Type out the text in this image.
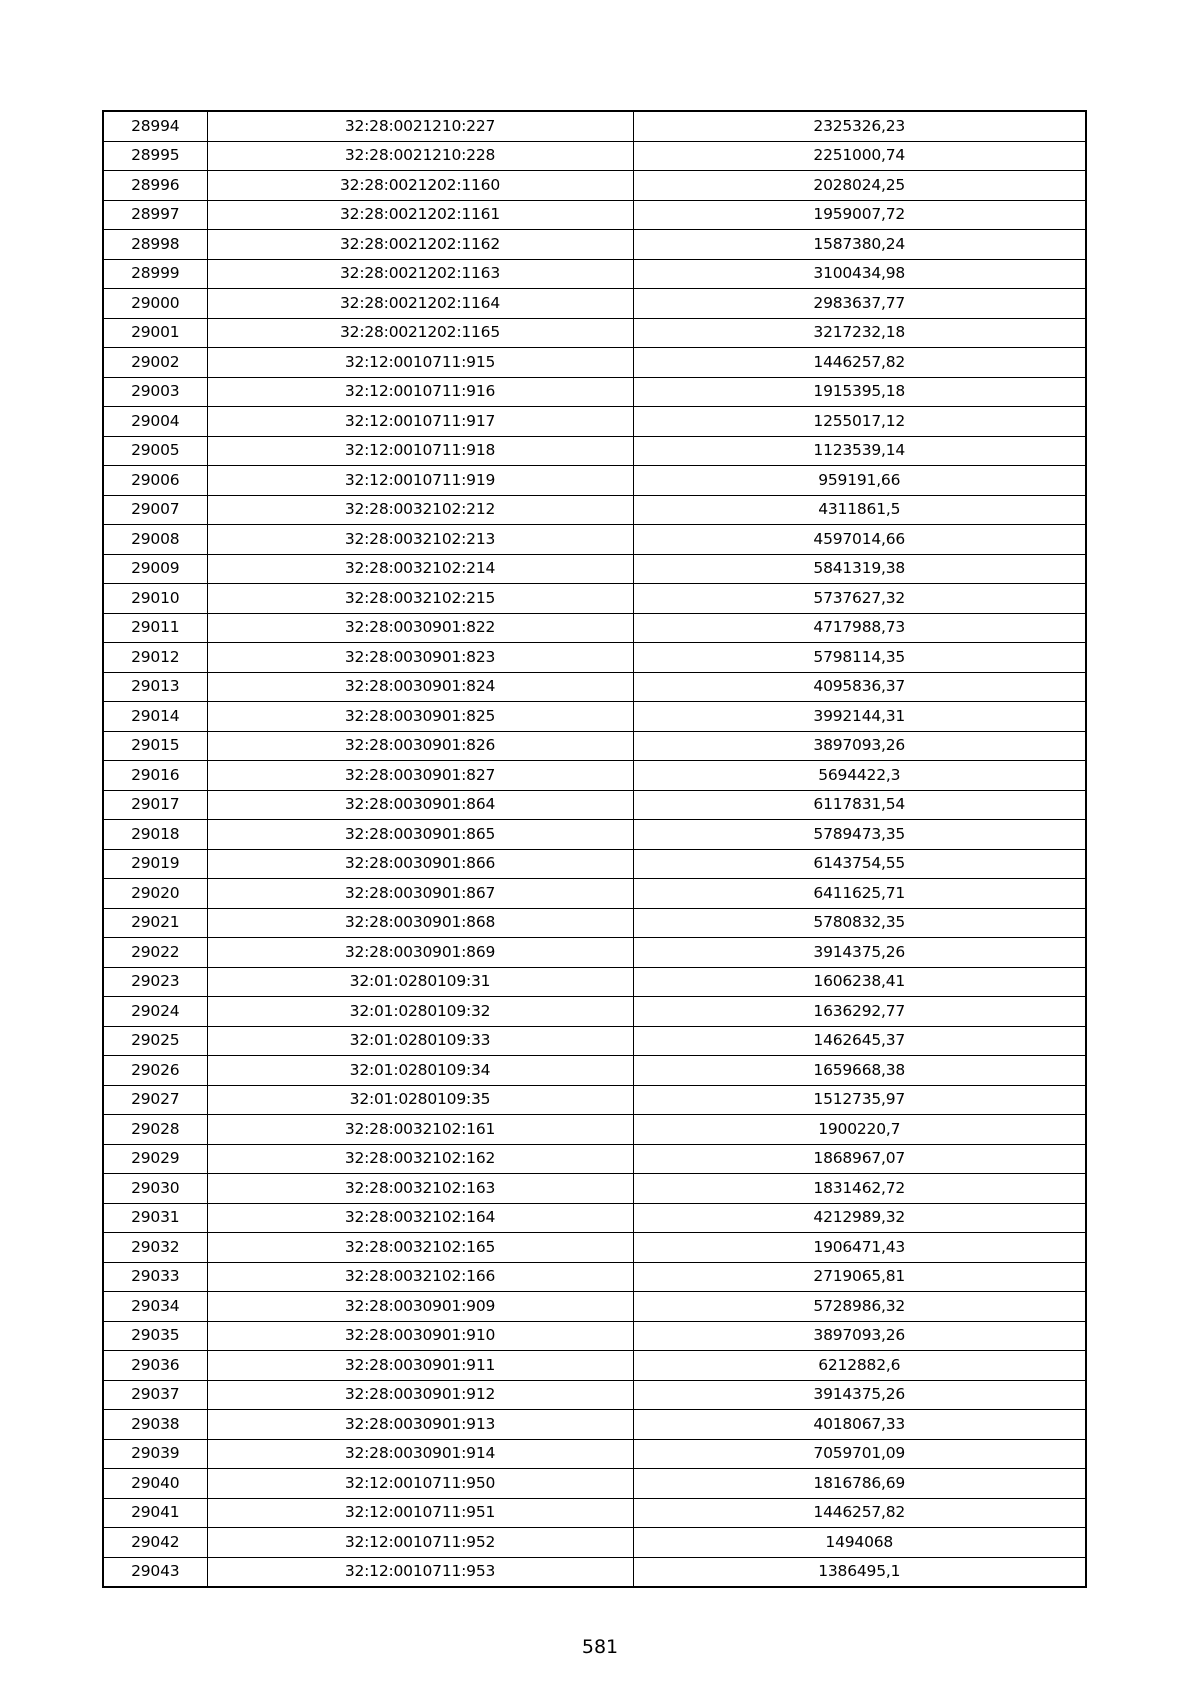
28994	32:28:0021210:227	2325326,23
28995	32:28:0021210:228	2251000,74
28996	32:28:0021202:1160	2028024,25
28997	32:28:0021202:1161	1959007,72
28998	32:28:0021202:1162	1587380,24
28999	32:28:0021202:1163	3100434,98
29000	32:28:0021202:1164	2983637,77
29001	32:28:0021202:1165	3217232,18
29002	32:12:0010711:915	1446257,82
29003	32:12:0010711:916	1915395,18
29004	32:12:0010711:917	1255017,12
29005	32:12:0010711:918	1123539,14
29006	32:12:0010711:919	959191,66
29007	32:28:0032102:212	4311861,5
29008	32:28:0032102:213	4597014,66
29009	32:28:0032102:214	5841319,38
29010	32:28:0032102:215	5737627,32
29011	32:28:0030901:822	4717988,73
29012	32:28:0030901:823	5798114,35
29013	32:28:0030901:824	4095836,37
29014	32:28:0030901:825	3992144,31
29015	32:28:0030901:826	3897093,26
29016	32:28:0030901:827	5694422,3
29017	32:28:0030901:864	6117831,54
29018	32:28:0030901:865	5789473,35
29019	32:28:0030901:866	6143754,55
29020	32:28:0030901:867	6411625,71
29021	32:28:0030901:868	5780832,35
29022	32:28:0030901:869	3914375,26
29023	32:01:0280109:31	1606238,41
29024	32:01:0280109:32	1636292,77
29025	32:01:0280109:33	1462645,37
29026	32:01:0280109:34	1659668,38
29027	32:01:0280109:35	1512735,97
29028	32:28:0032102:161	1900220,7
29029	32:28:0032102:162	1868967,07
29030	32:28:0032102:163	1831462,72
29031	32:28:0032102:164	4212989,32
29032	32:28:0032102:165	1906471,43
29033	32:28:0032102:166	2719065,81
29034	32:28:0030901:909	5728986,32
29035	32:28:0030901:910	3897093,26
29036	32:28:0030901:911	6212882,6
29037	32:28:0030901:912	3914375,26
29038	32:28:0030901:913	4018067,33
29039	32:28:0030901:914	7059701,09
29040	32:12:0010711:950	1816786,69
29041	32:12:0010711:951	1446257,82
29042	32:12:0010711:952	1494068
29043	32:12:0010711:953	1386495,1
581
